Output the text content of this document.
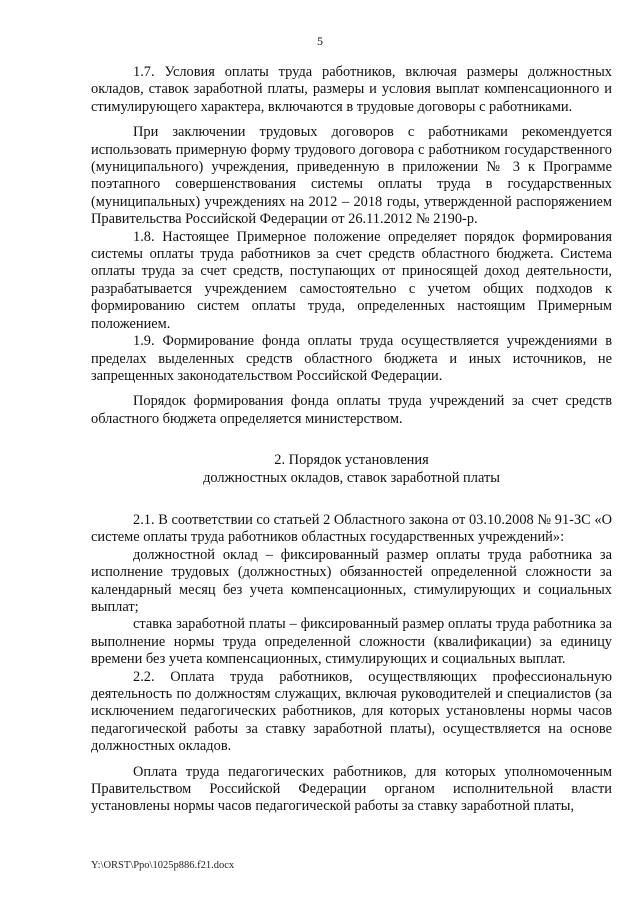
5

1.7. Условия оплаты труда работников, включая размеры должностных окладов, ставок заработной платы, размеры и условия выплат компенсационного и стимулирующего характера, включаются в трудовые договоры с работниками.

При заключении трудовых договоров с работниками рекомендуется использовать примерную форму трудового договора с работником государственного (муниципального) учреждения, приведенную в приложении № 3 к Программе поэтапного совершенствования системы оплаты труда в государственных (муниципальных) учреждениях на 2012 – 2018 годы, утвержденной распоряжением Правительства Российской Федерации от 26.11.2012 № 2190-р.

1.8. Настоящее Примерное положение определяет порядок формирования системы оплаты труда работников за счет средств областного бюджета. Система оплаты труда за счет средств, поступающих от приносящей доход деятельности, разрабатывается учреждением самостоятельно с учетом общих подходов к формированию систем оплаты труда, определенных настоящим Примерным положением.

1.9. Формирование фонда оплаты труда осуществляется учреждениями в пределах выделенных средств областного бюджета и иных источников, не запрещенных законодательством Российской Федерации.

Порядок формирования фонда оплаты труда учреждений за счет средств областного бюджета определяется министерством.

2. Порядок установления
должностных окладов, ставок заработной платы

2.1. В соответствии со статьей 2 Областного закона от 03.10.2008 № 91-ЗС «О системе оплаты труда работников областных государственных учреждений»:

должностной оклад – фиксированный размер оплаты труда работника за исполнение трудовых (должностных) обязанностей определенной сложности за календарный месяц без учета компенсационных, стимулирующих и социальных выплат;

ставка заработной платы – фиксированный размер оплаты труда работника за выполнение нормы труда определенной сложности (квалификации) за единицу времени без учета компенсационных, стимулирующих и социальных выплат.

2.2. Оплата труда работников, осуществляющих профессиональную деятельность по должностям служащих, включая руководителей и специалистов (за исключением педагогических работников, для которых установлены нормы часов педагогической работы за ставку заработной платы), осуществляется на основе должностных окладов.

Оплата труда педагогических работников, для которых уполномоченным Правительством Российской Федерации органом исполнительной власти установлены нормы часов педагогической работы за ставку заработной платы,

Y:\ORST\Ppo\1025p886.f21.docx
